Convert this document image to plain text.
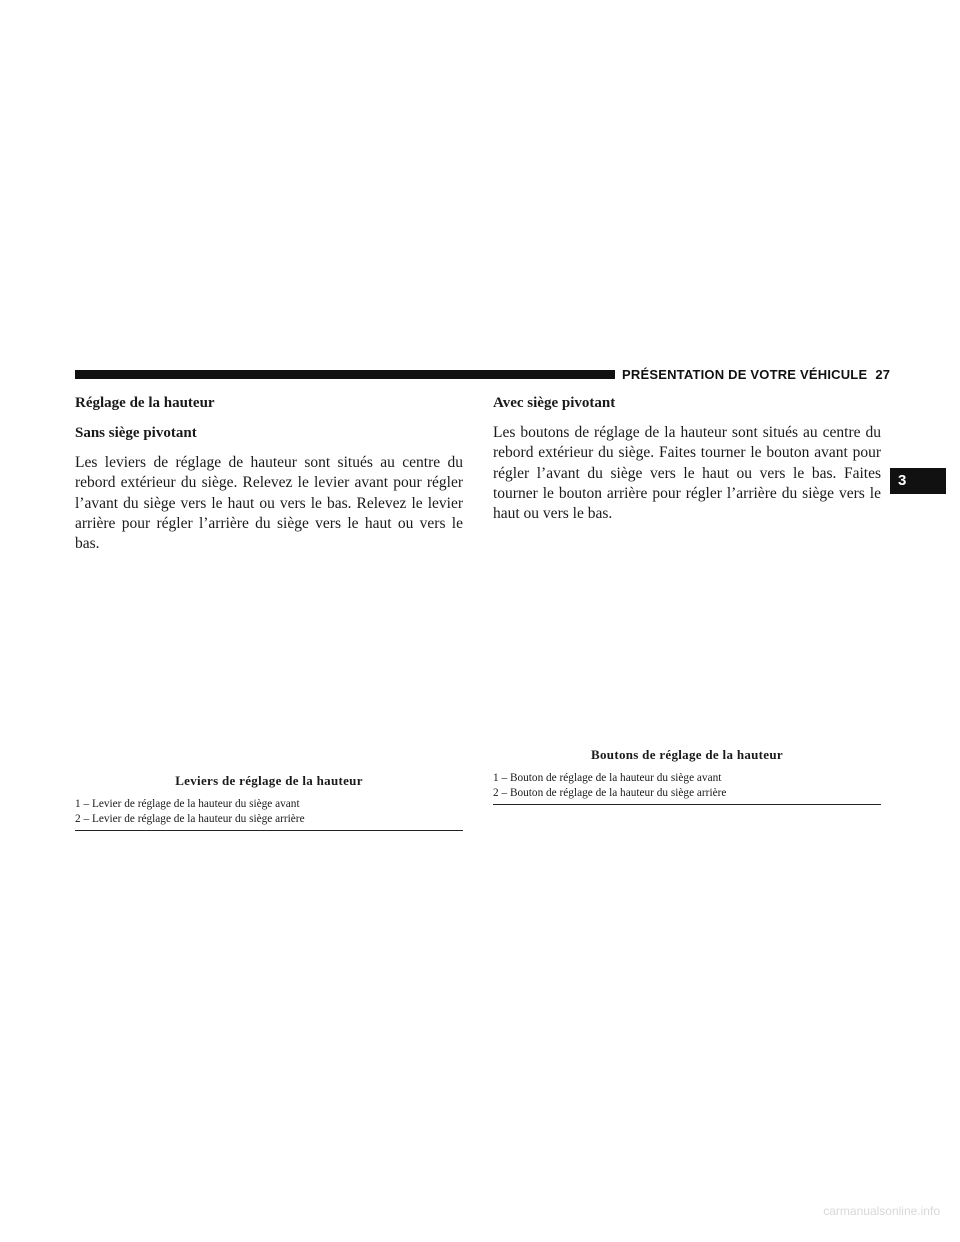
PRÉSENTATION DE VOTRE VÉHICULE 27
3
Réglage de la hauteur
Sans siège pivotant

Les leviers de réglage de hauteur sont situés au centre du rebord extérieur du siège. Relevez le levier avant pour régler l’avant du siège vers le haut ou vers le bas. Relevez le levier arrière pour régler l’arrière du siège vers le haut ou vers le bas.

Avec siège pivotant

Les boutons de réglage de la hauteur sont situés au centre du rebord extérieur du siège. Faites tourner le bouton avant pour régler l’avant du siège vers le haut ou vers le bas. Faites tourner le bouton arrière pour régler l’arrière du siège vers le haut ou vers le bas.

Leviers de réglage de la hauteur
1 – Levier de réglage de la hauteur du siège avant
2 – Levier de réglage de la hauteur du siège arrière
Boutons de réglage de la hauteur
1 – Bouton de réglage de la hauteur du siège avant
2 – Bouton de réglage de la hauteur du siège arrière
carmanualsonline.info
